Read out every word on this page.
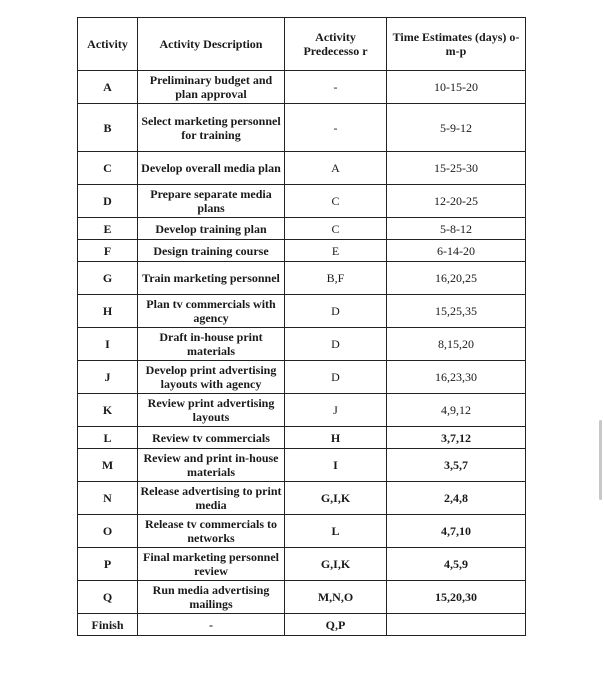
Activity	Activity Description	Activity Predecesso r	Time Estimates (days) o-m-p
A	Preliminary budget and plan approval	-	10-15-20
B	Select marketing personnel for training	-	5-9-12
C	Develop overall media plan	A	15-25-30
D	Prepare separate media plans	C	12-20-25
E	Develop training plan	C	5-8-12
F	Design training course	E	6-14-20
G	Train marketing personnel	B,F	16,20,25
H	Plan tv commercials with agency	D	15,25,35
I	Draft in-house print materials	D	8,15,20
J	Develop print advertising layouts with agency	D	16,23,30
K	Review print advertising layouts	J	4,9,12
L	Review tv commercials	H	3,7,12
M	Review and print in-house materials	I	3,5,7
N	Release advertising to print media	G,I,K	2,4,8
O	Release tv commercials to networks	L	4,7,10
P	Final marketing personnel review	G,I,K	4,5,9
Q	Run media advertising mailings	M,N,O	15,20,30
Finish	-	Q,P	
